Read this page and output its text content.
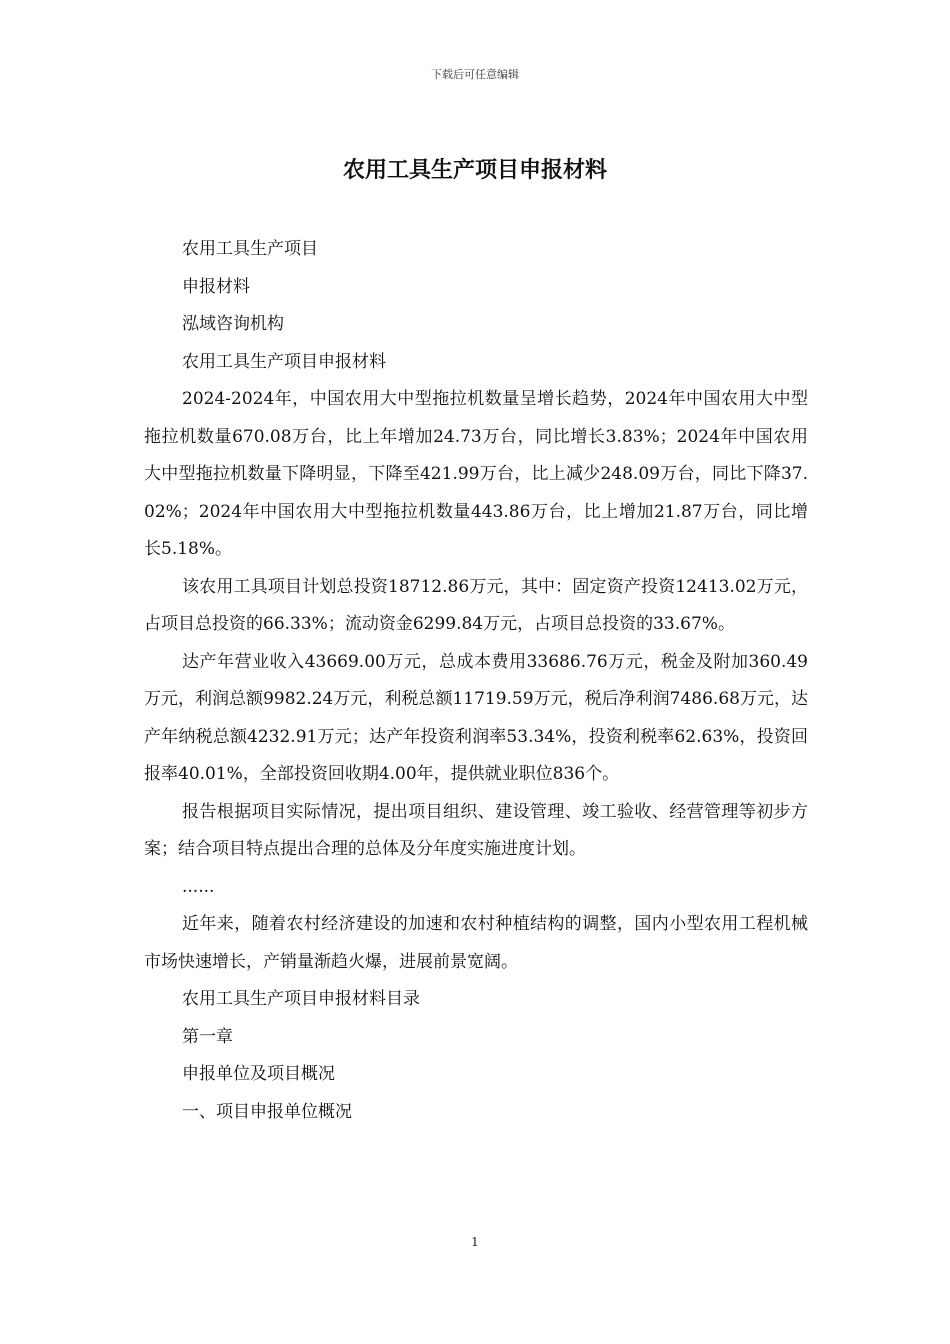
下载后可任意编辑
农用工具生产项目申报材料

农用工具生产项目

申报材料

泓域咨询机构

农用工具生产项目申报材料

2024-2024年，中国农用大中型拖拉机数量呈增长趋势，2024年中国农用大中型拖拉机数量670.08万台，比上年增加24.73万台，同比增长3.83%；2024年中国农用大中型拖拉机数量下降明显，下降至421.99万台，比上减少248.09万台，同比下降37.02%；2024年中国农用大中型拖拉机数量443.86万台，比上增加21.87万台，同比增长5.18%。

该农用工具项目计划总投资18712.86万元，其中：固定资产投资12413.02万元，占项目总投资的66.33%；流动资金6299.84万元，占项目总投资的33.67%。

达产年营业收入43669.00万元，总成本费用33686.76万元，税金及附加360.49万元，利润总额9982.24万元，利税总额11719.59万元，税后净利润7486.68万元，达产年纳税总额4232.91万元；达产年投资利润率53.34%，投资利税率62.63%，投资回报率40.01%，全部投资回收期4.00年，提供就业职位836个。

报告根据项目实际情况，提出项目组织、建设管理、竣工验收、经营管理等初步方案；结合项目特点提出合理的总体及分年度实施进度计划。

......

近年来，随着农村经济建设的加速和农村种植结构的调整，国内小型农用工程机械市场快速增长，产销量渐趋火爆，进展前景宽阔。

农用工具生产项目申报材料目录

第一章

申报单位及项目概况

一、项目申报单位概况

1
